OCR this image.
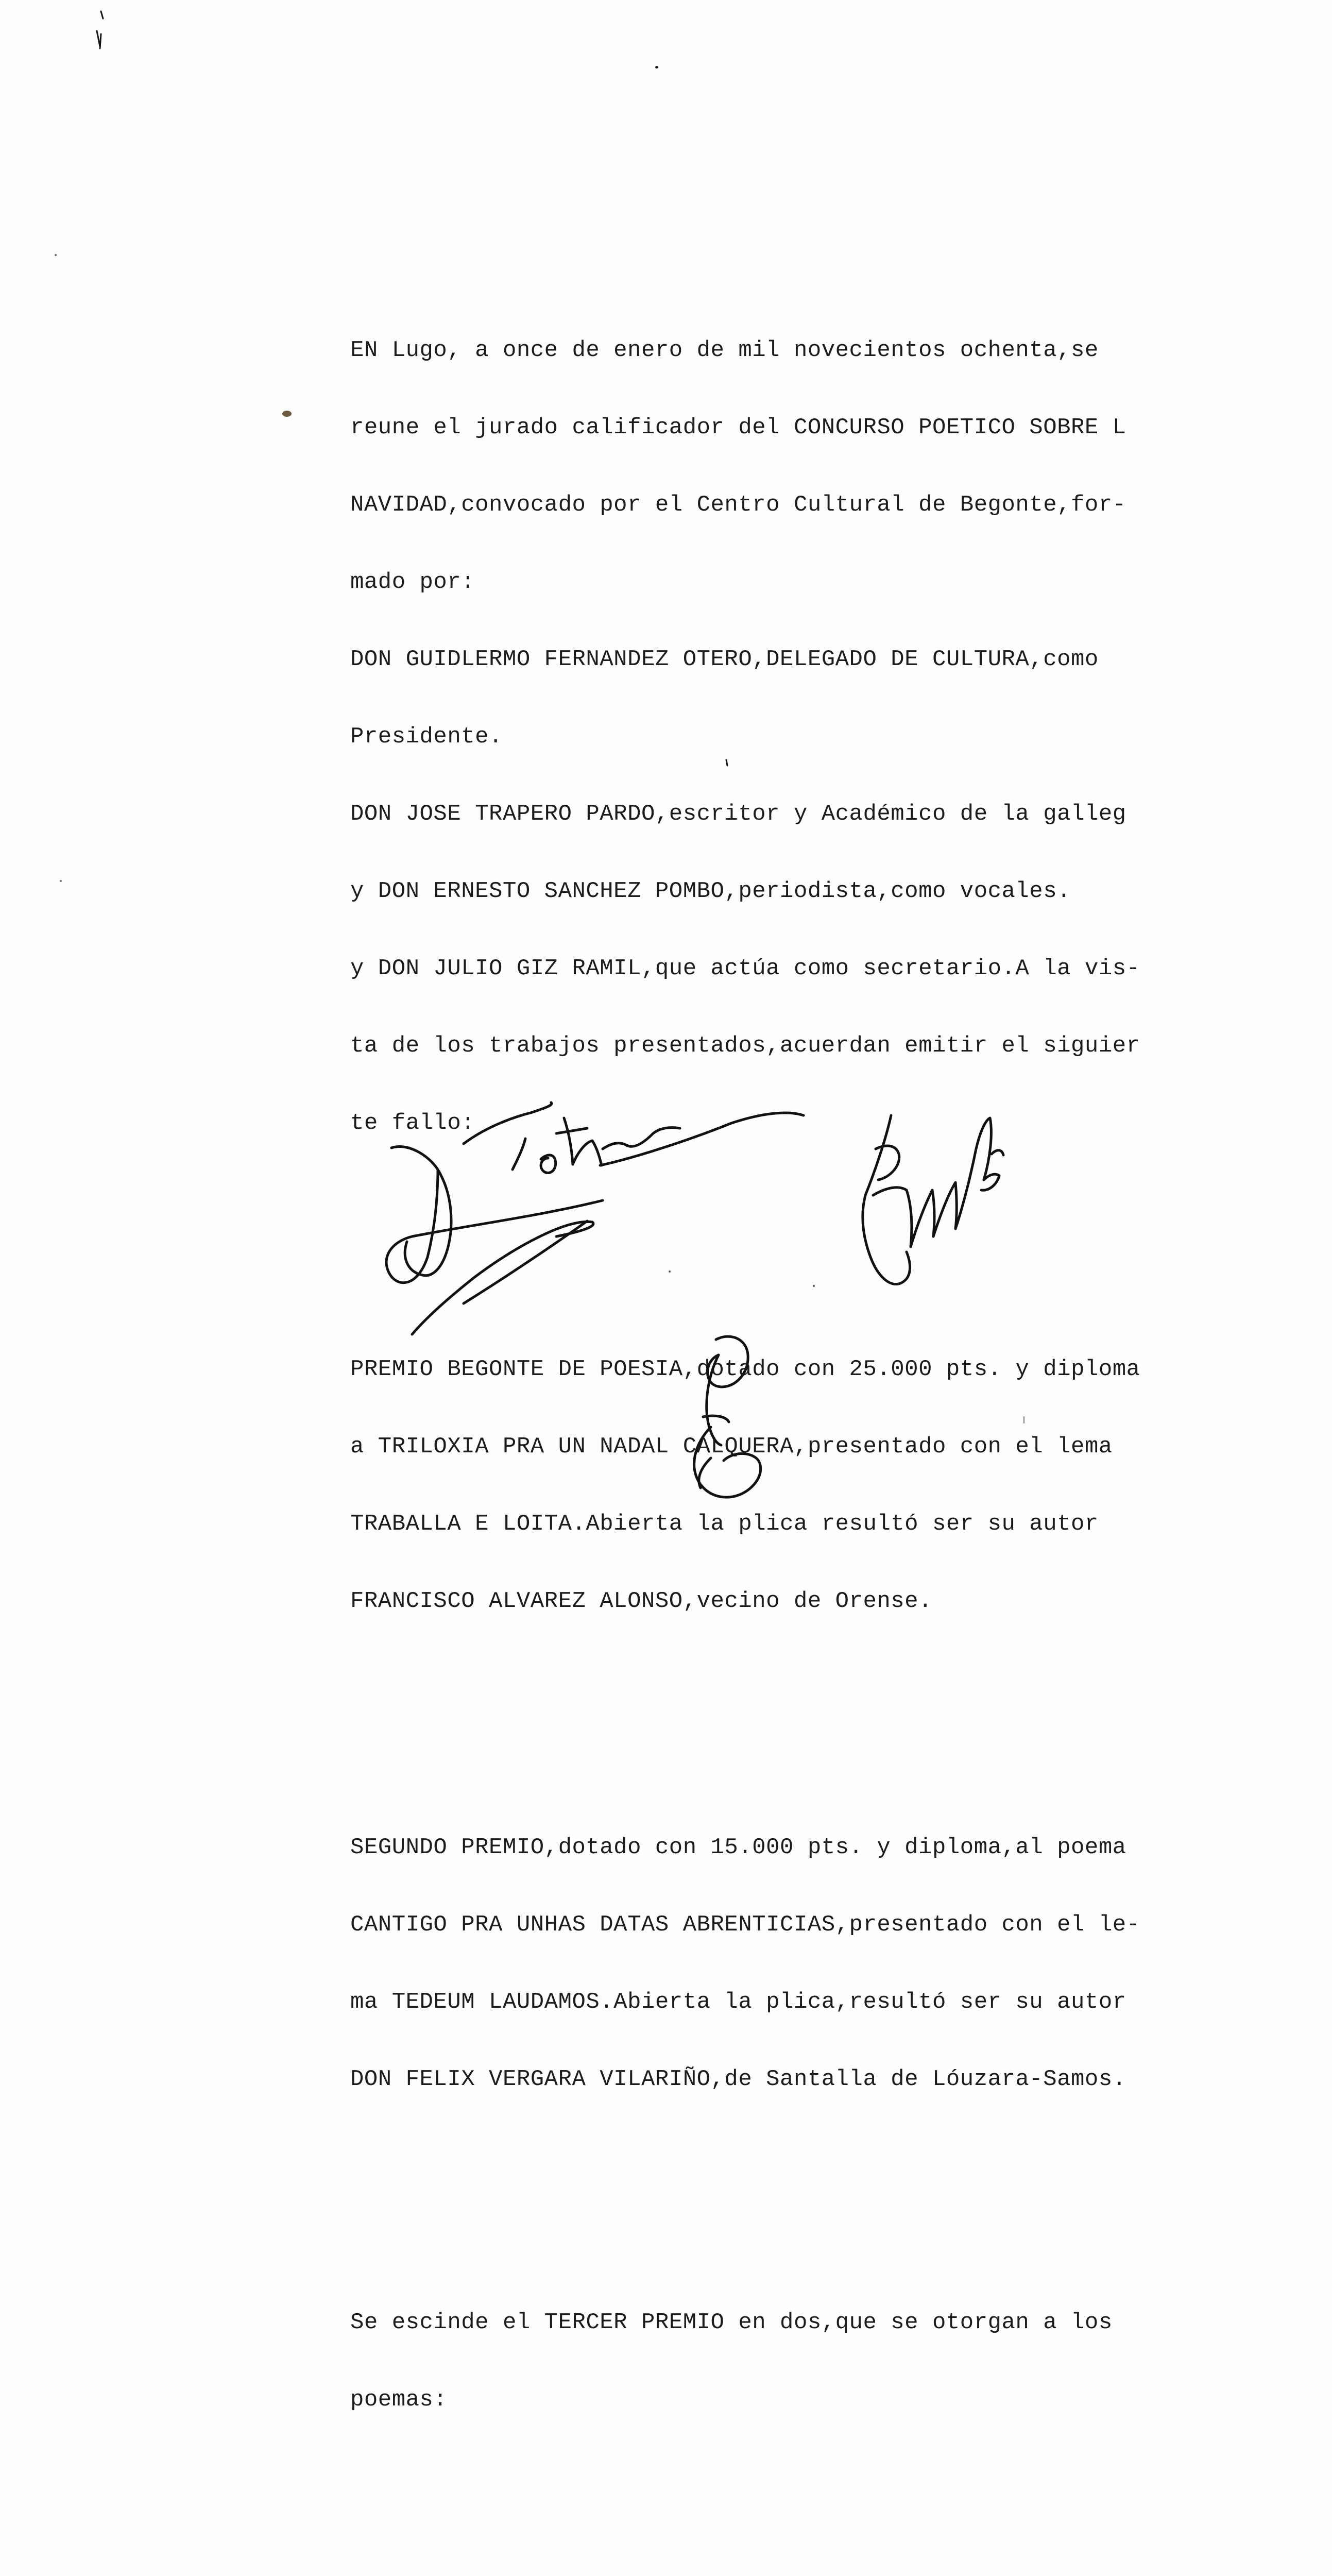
EN Lugo, a once de enero de mil novecientos ochenta,se

reune el jurado calificador del CONCURSO POETICO SOBRE L

NAVIDAD,convocado por el Centro Cultural de Begonte,for-

mado por:

DON GUIDLERMO FERNANDEZ OTERO,DELEGADO DE CULTURA,como

Presidente.

DON JOSE TRAPERO PARDO,escritor y Académico de la galleg

y DON ERNESTO SANCHEZ POMBO,periodista,como vocales.

y DON JULIO GIZ RAMIL,que actúa como secretario.A la vis-

ta de los trabajos presentados,acuerdan emitir el siguier

te fallo:

PREMIO BEGONTE DE POESIA,dotado con 25.000 pts. y diploma

a TRILOXIA PRA UN NADAL CALQUERA,presentado con el lema

TRABALLA E LOITA.Abierta la plica resultó ser su autor

FRANCISCO ALVAREZ ALONSO,vecino de Orense.

SEGUNDO PREMIO,dotado con 15.000 pts. y diploma,al poema

CANTIGO PRA UNHAS DATAS ABRENTICIAS,presentado con el le-

ma TEDEUM LAUDAMOS.Abierta la plica,resultó ser su autor

DON FELIX VERGARA VILARIÑO,de Santalla de Lóuzara-Samos.

Se escinde el TERCER PREMIO en dos,que se otorgan a los

poemas:
